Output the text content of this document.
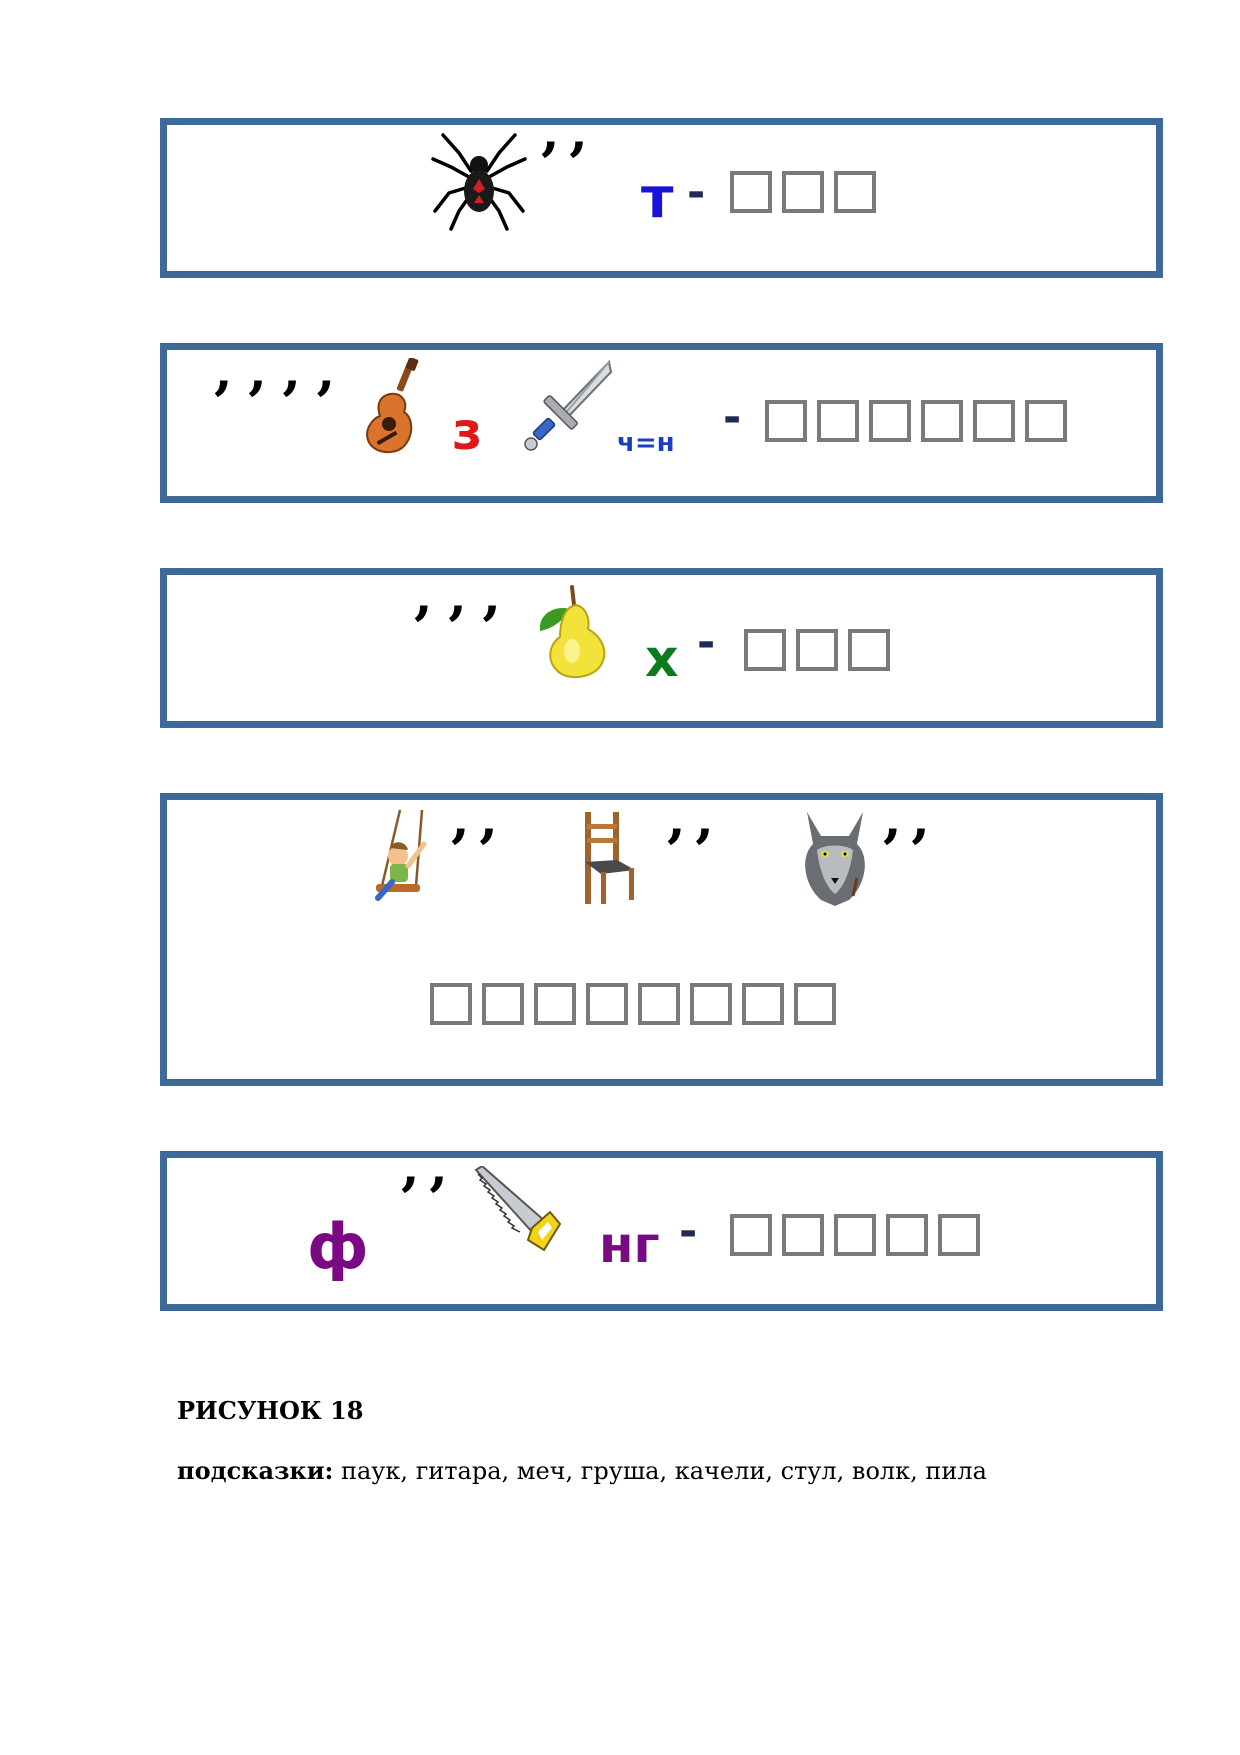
’’
т -
’’’’ з	ч=н -
’’’	х -
’’	’’	’’
ф
’’
нг -
РИСУНОК 18
подсказки: паук, гитара, меч, груша, качели, стул, волк, пила
